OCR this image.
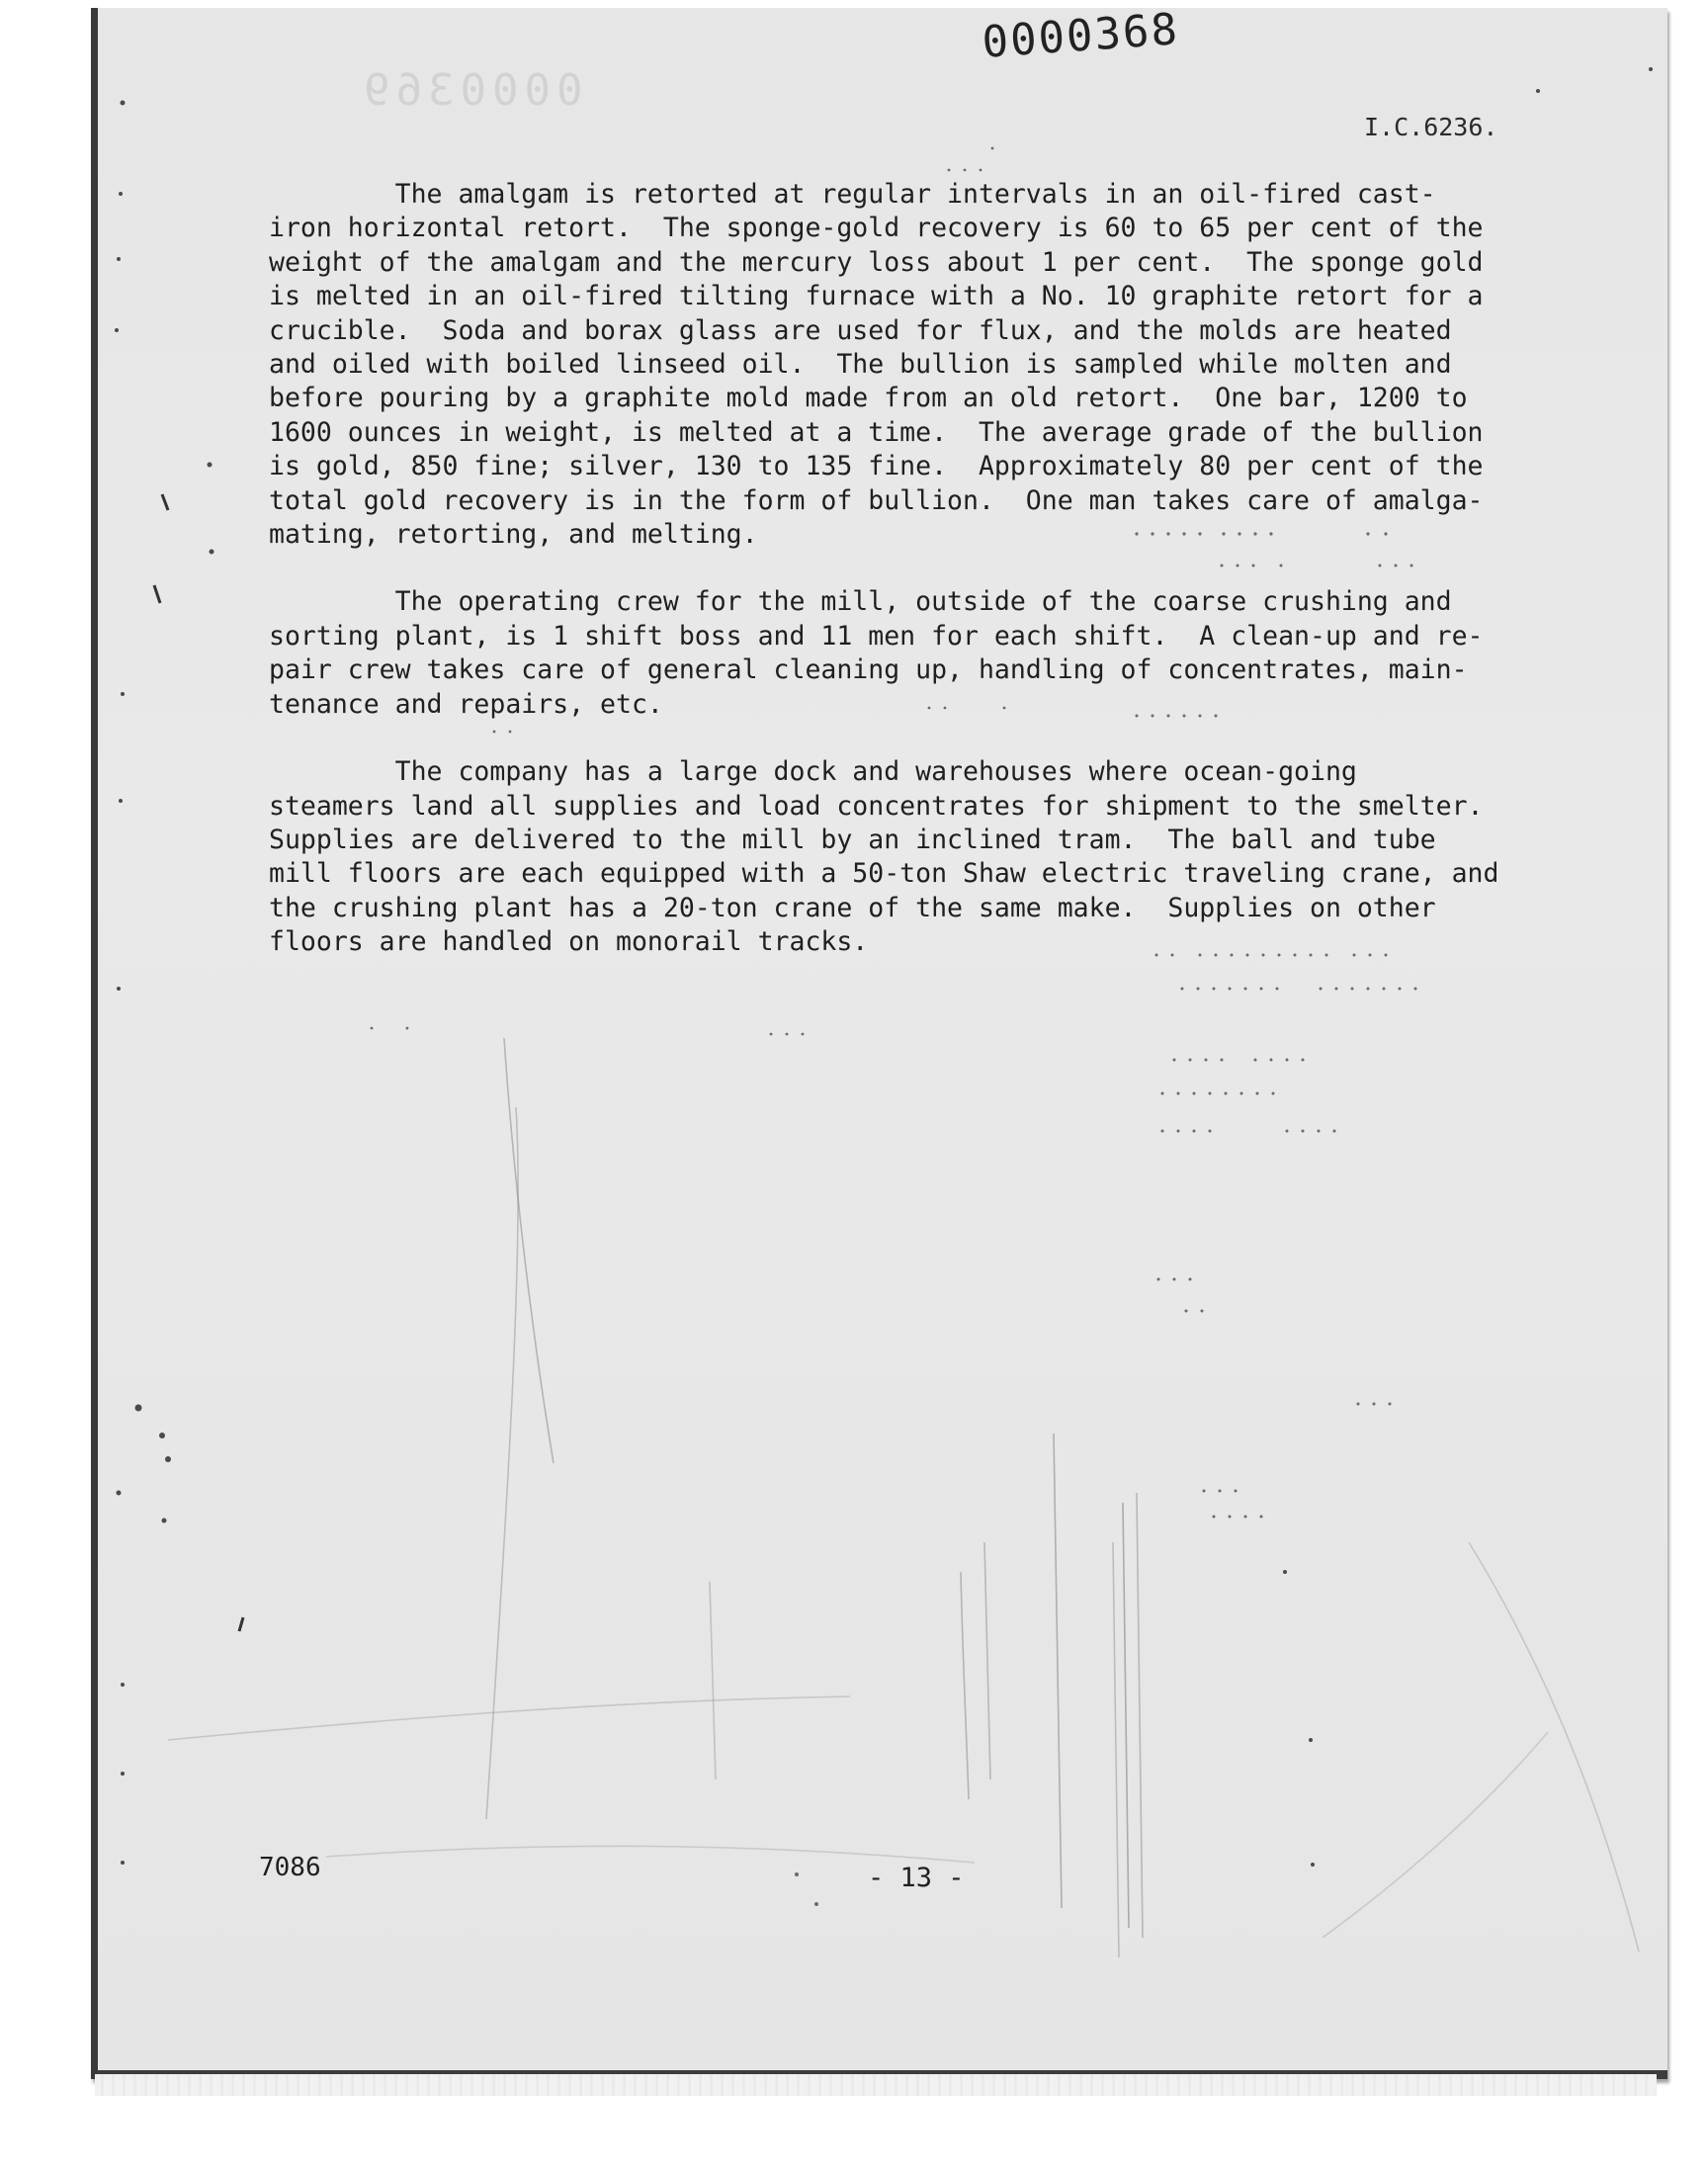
0000369
0000368
I.C.6236.
The amalgam is retorted at regular intervals in an oil-fired cast-
iron horizontal retort.  The sponge-gold recovery is 60 to 65 per cent of the
weight of the amalgam and the mercury loss about 1 per cent.  The sponge gold
is melted in an oil-fired tilting furnace with a No. 10 graphite retort for a
crucible.  Soda and borax glass are used for flux, and the molds are heated
and oiled with boiled linseed oil.  The bullion is sampled while molten and
before pouring by a graphite mold made from an old retort.  One bar, 1200 to
1600 ounces in weight, is melted at a time.  The average grade of the bullion
is gold, 850 fine; silver, 130 to 135 fine.  Approximately 80 per cent of the
total gold recovery is in the form of bullion.  One man takes care of amalga-
mating, retorting, and melting.
The operating crew for the mill, outside of the coarse crushing and
sorting plant, is 1 shift boss and 11 men for each shift.  A clean-up and re-
pair crew takes care of general cleaning up, handling of concentrates, main-
tenance and repairs, etc.
The company has a large dock and warehouses where ocean-going
steamers land all supplies and load concentrates for shipment to the smelter.
Supplies are delivered to the mill by an inclined tram.  The ball and tube
mill floors are each equipped with a 50-ton Shaw electric traveling crane, and
the crushing plant has a 20-ton crane of the same make.  Supplies on other
floors are handled on monorail tracks.
7086	- 13 -
